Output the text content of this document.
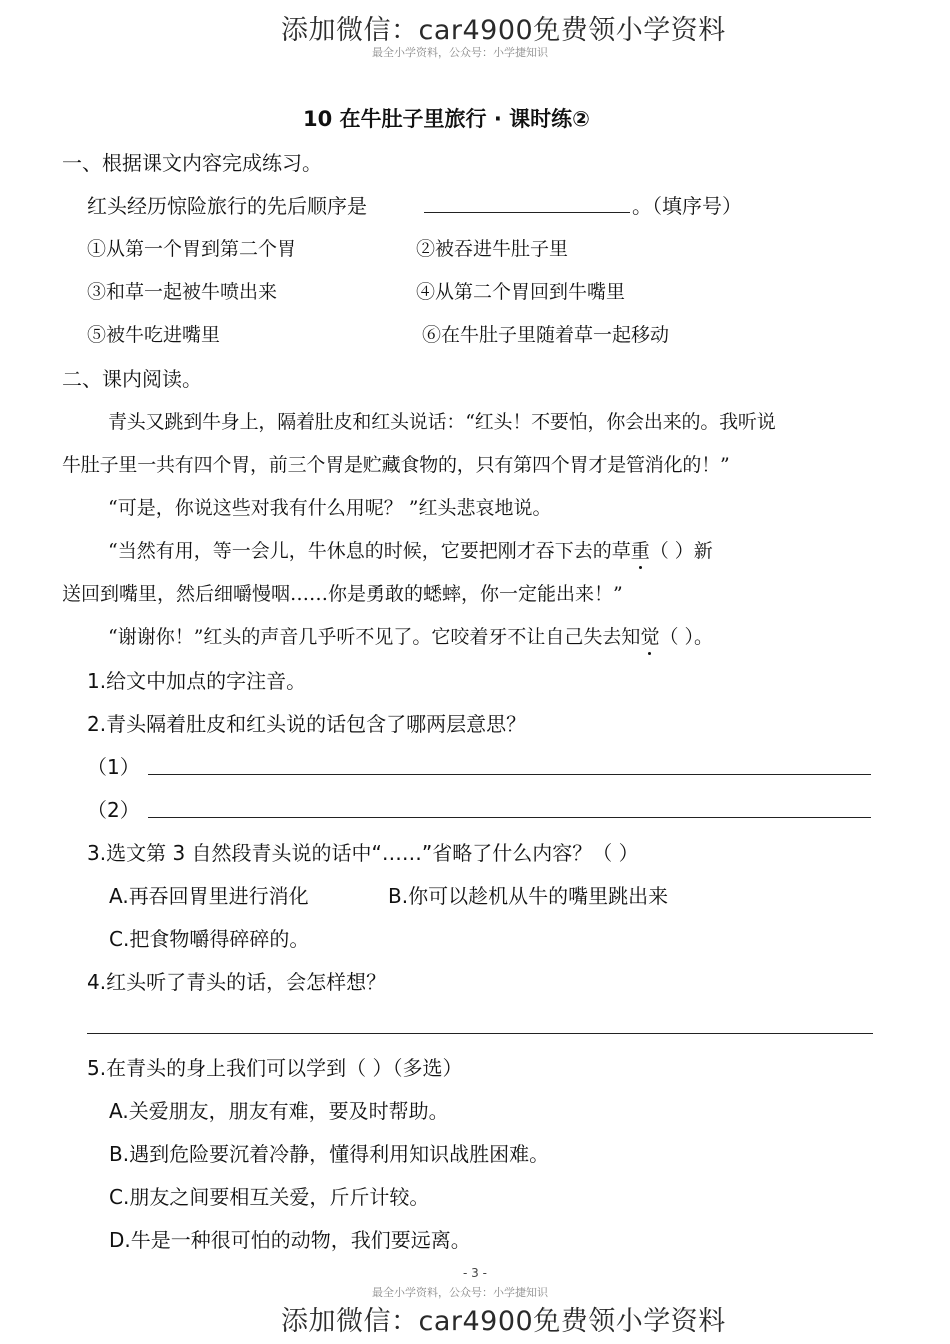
添加微信：car4900免费领小学资料
最全小学资料，公众号：小学捷知识
10 在牛肚子里旅行 · 课时练②
一、根据课文内容完成练习。
红头经历惊险旅行的先后顺序是	。（填序号）
①从第一个胃到第二个胃	②被吞进牛肚子里
③和草一起被牛喷出来	④从第二个胃回到牛嘴里
⑤被牛吃进嘴里	⑥在牛肚子里随着草一起移动
二、课内阅读。
青头又跳到牛身上，隔着肚皮和红头说话：“红头！不要怕，你会出来的。我听说
牛肚子里一共有四个胃，前三个胃是贮藏食物的，只有第四个胃才是管消化的！”
“可是，你说这些对我有什么用呢？ ”红头悲哀地说。
“当然有用，等一会儿，牛休息的时候，它要把刚才吞下去的草重（ ）新
送回到嘴里，然后细嚼慢咽……你是勇敢的蟋蟀，你一定能出来！”
“谢谢你！”红头的声音几乎听不见了。它咬着牙不让自己失去知觉（ ）。
1.给文中加点的字注音。
2.青头隔着肚皮和红头说的话包含了哪两层意思？
（1）
（2）
3.选文第 3 自然段青头说的话中“……”省略了什么内容？（ ）
A.再吞回胃里进行消化	B.你可以趁机从牛的嘴里跳出来
C.把食物嚼得碎碎的。
4.红头听了青头的话，会怎样想？
5.在青头的身上我们可以学到（ ）（多选）
A.关爱朋友，朋友有难，要及时帮助。
B.遇到危险要沉着冷静，懂得利用知识战胜困难。
C.朋友之间要相互关爱，斤斤计较。
D.牛是一种很可怕的动物，我们要远离。
- 3 -
最全小学资料，公众号：小学捷知识
添加微信：car4900免费领小学资料
